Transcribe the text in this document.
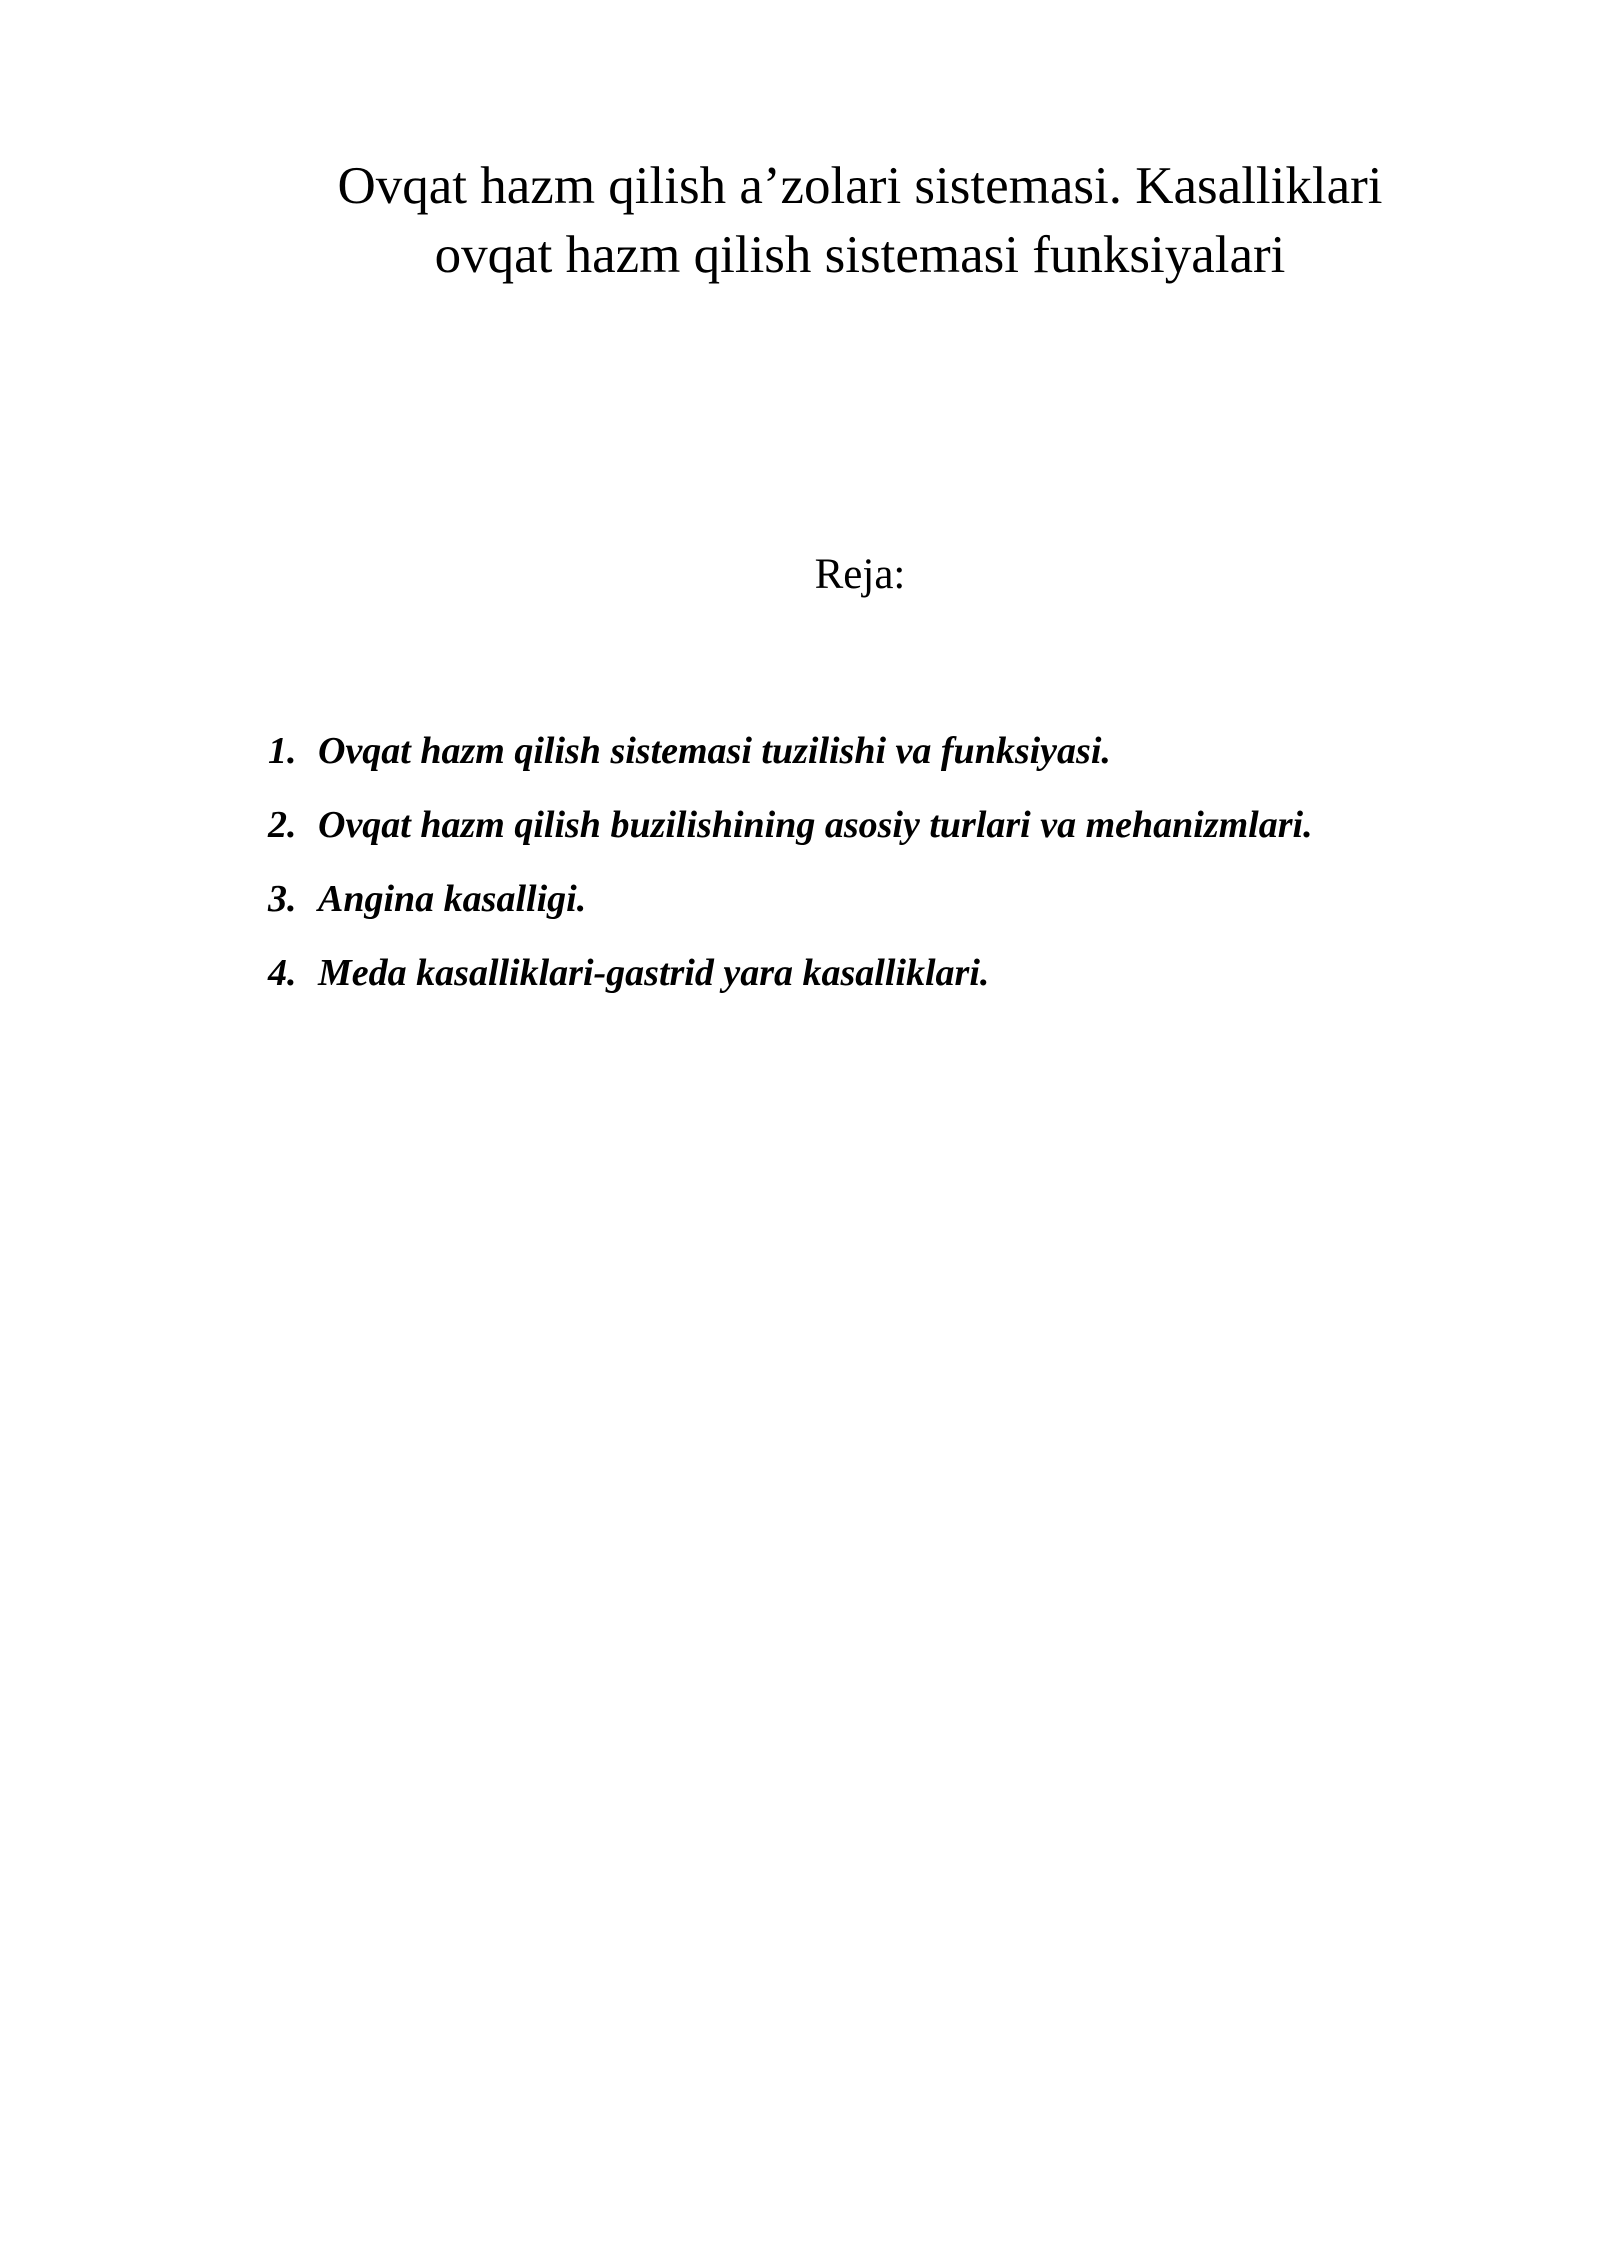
Ovqat hazm qilish a’zolari sistemasi. Kasalliklari
ovqat hazm qilish sistemasi funksiyalari

Reja:

1. Ovqat hazm qilish sistemasi tuzilishi va funksiyasi.
2. Ovqat hazm qilish buzilishining asosiy turlari va mehanizmlari.
3. Angina kasalligi.
4. Meda kasalliklari-gastrid yara kasalliklari.
